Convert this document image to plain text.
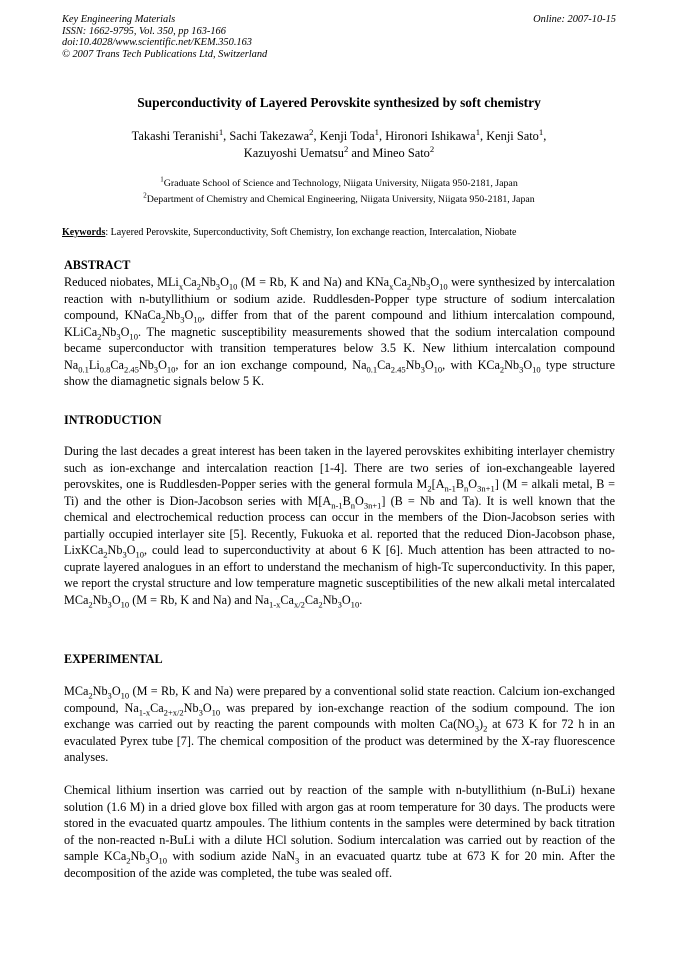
Key Engineering Materials
ISSN: 1662-9795, Vol. 350, pp 163-166
doi:10.4028/www.scientific.net/KEM.350.163
© 2007 Trans Tech Publications Ltd, Switzerland
Online: 2007-10-15
Superconductivity of Layered Perovskite synthesized by soft chemistry
Takashi Teranishi$^1$, Sachi Takezawa$^2$, Kenji Toda$^1$, Hironori Ishikawa$^1$, Kenji Sato$^1$,
Kazuyoshi Uematsu$^2$ and Mineo Sato$^2$
$^1$Graduate School of Science and Technology, Niigata University, Niigata 950-2181, Japan
$^2$Department of Chemistry and Chemical Engineering, Niigata University, Niigata 950-2181, Japan
Keywords: Layered Perovskite, Superconductivity, Soft Chemistry, Ion exchange reaction, Intercalation, Niobate
ABSTRACT
Reduced niobates, $MLi_xCa_2Nb_3O_{10}$ (M = Rb, K and Na) and $KNa_xCa_2Nb_3O_{10}$ were synthesized by intercalation reaction with n-butyllithium or sodium azide. Ruddlesden-Popper type structure of sodium intercalation compound, $KNaCa_2Nb_3O_{10}$, differ from that of the parent compound and lithium intercalation compound, $KLiCa_2Nb_3O_{10}$. The magnetic susceptibility measurements showed that the sodium intercalation compound became superconductor with transition temperatures below 3.5 K. New lithium intercalation compound $Na_{0.1}Li_{0.8}Ca_{2.45}Nb_3O_{10}$, for an ion exchange compound, $Na_{0.1}Ca_{2.45}Nb_3O_{10}$, with $KCa_2Nb_3O_{10}$ type structure show the diamagnetic signals below 5 K.
INTRODUCTION
During the last decades a great interest has been taken in the layered perovskites exhibiting interlayer chemistry such as ion-exchange and intercalation reaction [1-4]. There are two series of ion-exchangeable layered perovskites, one is Ruddlesden-Popper series with the general formula $M_2[A_{n-1}B_nO_{3n+1}] (M$ = alkali metal, B = Ti) and the other is Dion-Jacobson series with $M[A_{n-1}B_nO_{3n+1}] (B = Nb$ and Ta). It is well known that the chemical and electrochemical reduction process can occur in the members of the Dion-Jacobson series with partially occupied interlayer site [5]. Recently, Fukuoka et al. reported that the reduced Dion-Jacobson phase, $LixKCa_2Nb_3O_{10}$, could lead to superconductivity at about 6 K [6]. Much attention has been attracted to no-cuprate layered analogues in an effort to understand the mechanism of high-Tc superconductivity. In this paper, we report the crystal structure and low temperature magnetic susceptibilities of the new alkali metal intercalated $MCa_2Nb_3O_{10}$ (M = Rb, K and Na) and $Na_{1-x}Ca_{x/2}Ca_2Nb_3O_{10}$.
EXPERIMENTAL
$MCa_2Nb_3O_{10}$ (M = Rb, K and Na) were prepared by a conventional solid state reaction. Calcium ion-exchanged compound, $Na_{1-x}Ca_{2+x/2}Nb_3O_{10}$ was prepared by ion-exchange reaction of the sodium compound. The ion exchange was carried out by reacting the parent compounds with molten $Ca(NO_3)_2$ at 673 K for 72 h in an evaculated Pyrex tube [7]. The chemical composition of the product was determined by the X-ray fluorescence analyses.
Chemical lithium insertion was carried out by reaction of the sample with n-butyllithium (n-BuLi) hexane solution (1.6 M) in a dried glove box filled with argon gas at room temperature for 30 days. The products were stored in the evacuated quartz ampoules. The lithium contents in the samples were determined by back titration of the non-reacted n-BuLi with a dilute HCl solution. Sodium intercalation was carried out by reaction of the sample $KCa_2Nb_3O_{10}$ with sodium azide NaN$_3$ in an evacuated quartz tube at 673 K for 20 min. After the decomposition of the azide was completed, the tube was sealed off.
